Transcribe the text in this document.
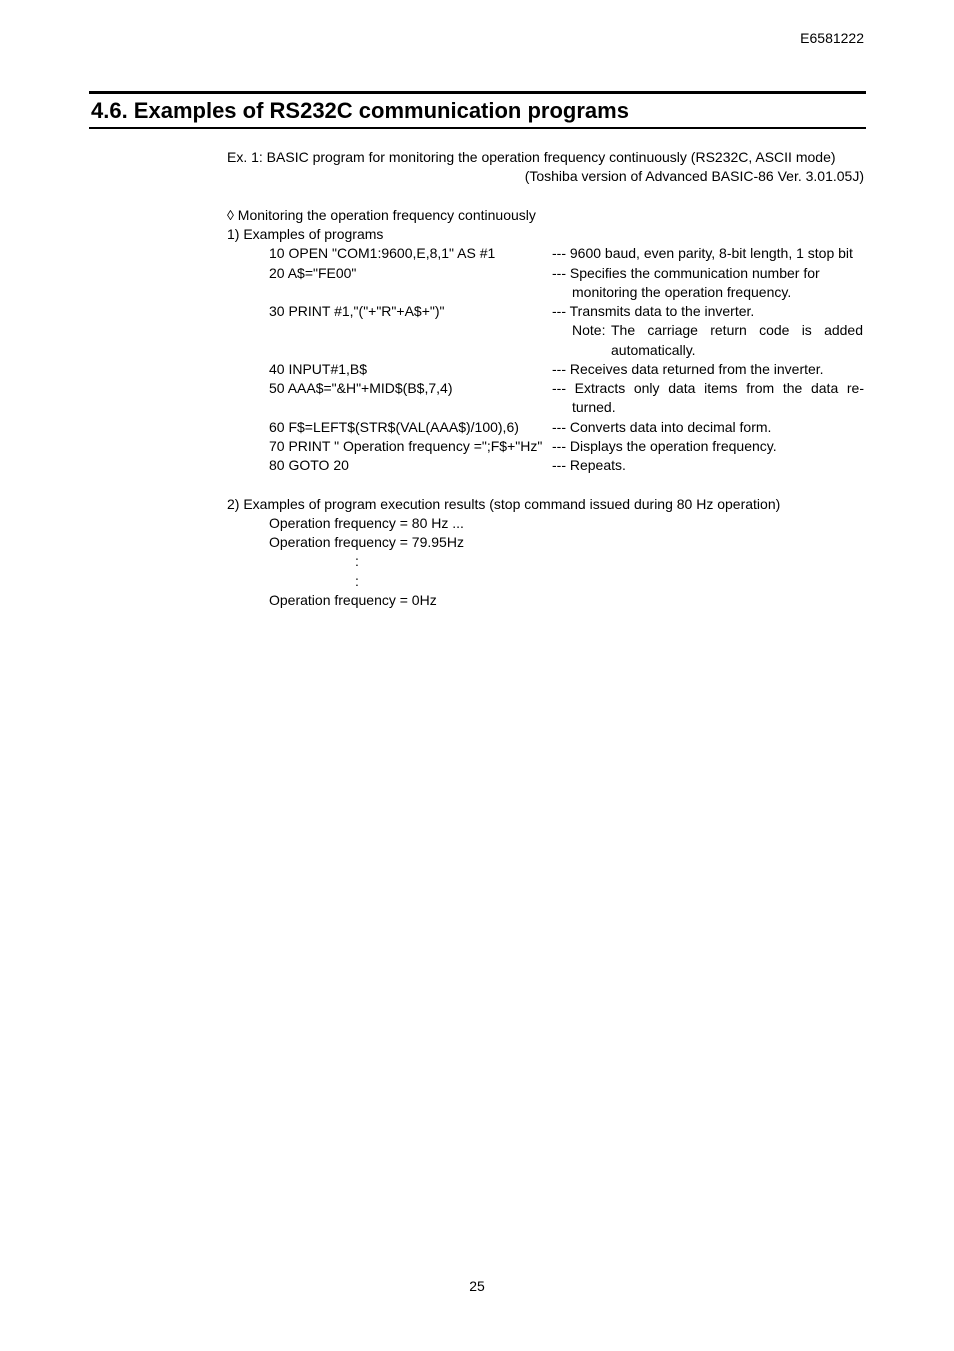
E6581222
4.6. Examples of RS232C communication programs
Ex. 1: BASIC program for monitoring the operation frequency continuously (RS232C, ASCII mode)
(Toshiba version of Advanced BASIC-86 Ver. 3.01.05J)
◊ Monitoring the operation frequency continuously
1) Examples of programs
10 OPEN "COM1:9600,E,8,1" AS #1	--- 9600 baud, even parity, 8-bit length, 1 stop bit
20 A$="FE00"	--- Specifies the communication number for
monitoring the operation frequency.
30 PRINT #1,"("+"R"+A$+")"	--- Transmits data to the inverter.
Note: The carriage return code is added
automatically.
40 INPUT#1,B$	--- Receives data returned from the inverter.
50 AAA$="&H"+MID$(B$,7,4)	--- Extracts only data items from the data re-
turned.
60 F$=LEFT$(STR$(VAL(AAA$)/100),6) --- Converts data into decimal form.
70 PRINT " Operation frequency =";F$+"Hz" --- Displays the operation frequency.
80 GOTO 20	--- Repeats.
2) Examples of program execution results (stop command issued during 80 Hz operation)
Operation frequency = 80 Hz ...
Operation frequency = 79.95Hz
:
:
Operation frequency = 0Hz
25
